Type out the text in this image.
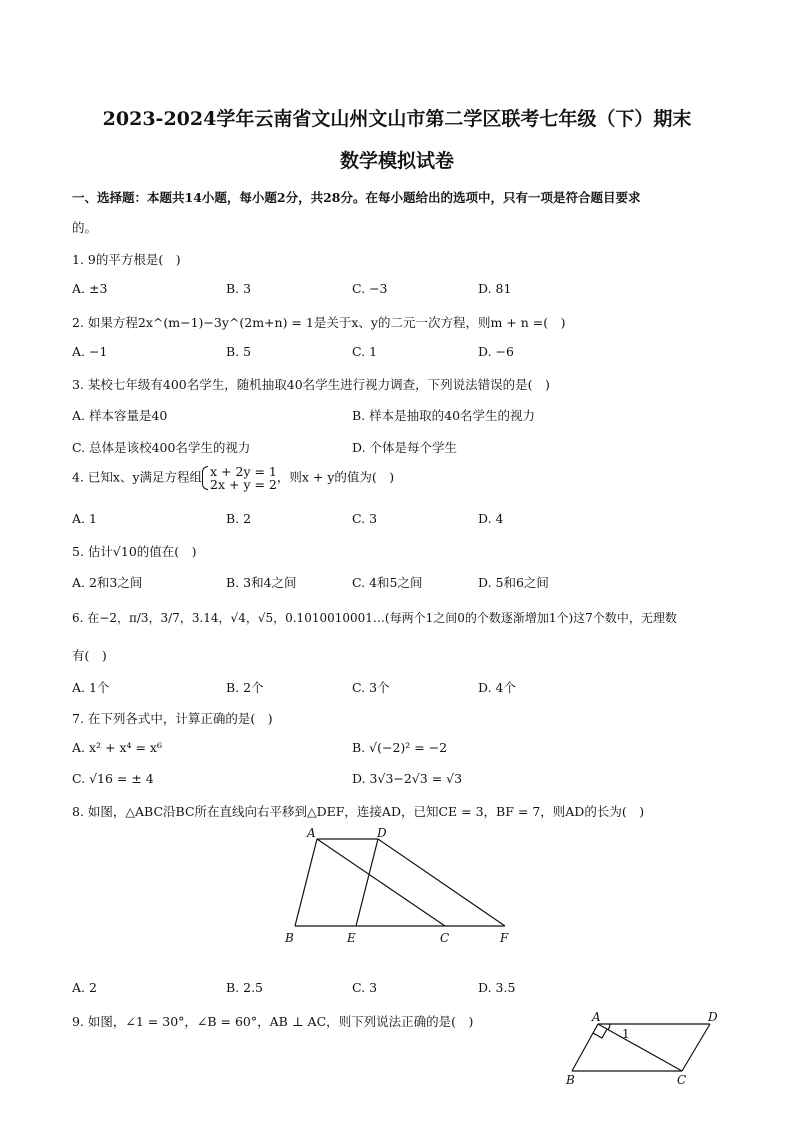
2023-2024学年云南省文山州文山市第二学区联考七年级（下）期末
数学模拟试卷
一、选择题：本题共14小题，每小题2分，共28分。在每小题给出的选项中，只有一项是符合题目要求
的。
1. 9的平方根是(　)
A. ±3	B. 3	C. −3	D. 81
2. 如果方程2x^(m−1)−3y^(2m+n) = 1是关于x、y的二元一次方程，则m + n =(　)
A. −1	B. 5	C. 1	D. −6
3. 某校七年级有400名学生，随机抽取40名学生进行视力调查，下列说法错误的是(　)
A. 样本容量是40	B. 样本是抽取的40名学生的视力
C. 总体是该校400名学生的视力	D. 个体是每个学生
4. 已知x、y满足方程组 x + 2y = 1
2x + y = 2 ，则x + y的值为(　)
A. 1	B. 2	C. 3	D. 4
5. 估计√10的值在(　)
A. 2和3之间	B. 3和4之间	C. 4和5之间	D. 5和6之间
6. 在−2，π/3，3/7，3.14，√4，√5，0.1010010001…(每两个1之间0的个数逐渐增加1个)这7个数中，无理数
有(　)
A. 1个	B. 2个	C. 3个	D. 4个
7. 在下列各式中，计算正确的是(　)
A. x² + x⁴ = x⁶	B. √(−2)² = −2
C. √16 = ± 4	D. 3√3−2√3 = √3
8. 如图，△ABC沿BC所在直线向右平移到△DEF，连接AD，已知CE = 3，BF = 7，则AD的长为(　)
A	D
B	E	C	F
A. 2	B. 2.5	C. 3	D. 3.5
9. 如图，∠1 = 30°，∠B = 60°，AB ⊥ AC，则下列说法正确的是(　)	A	D
B	C
1
